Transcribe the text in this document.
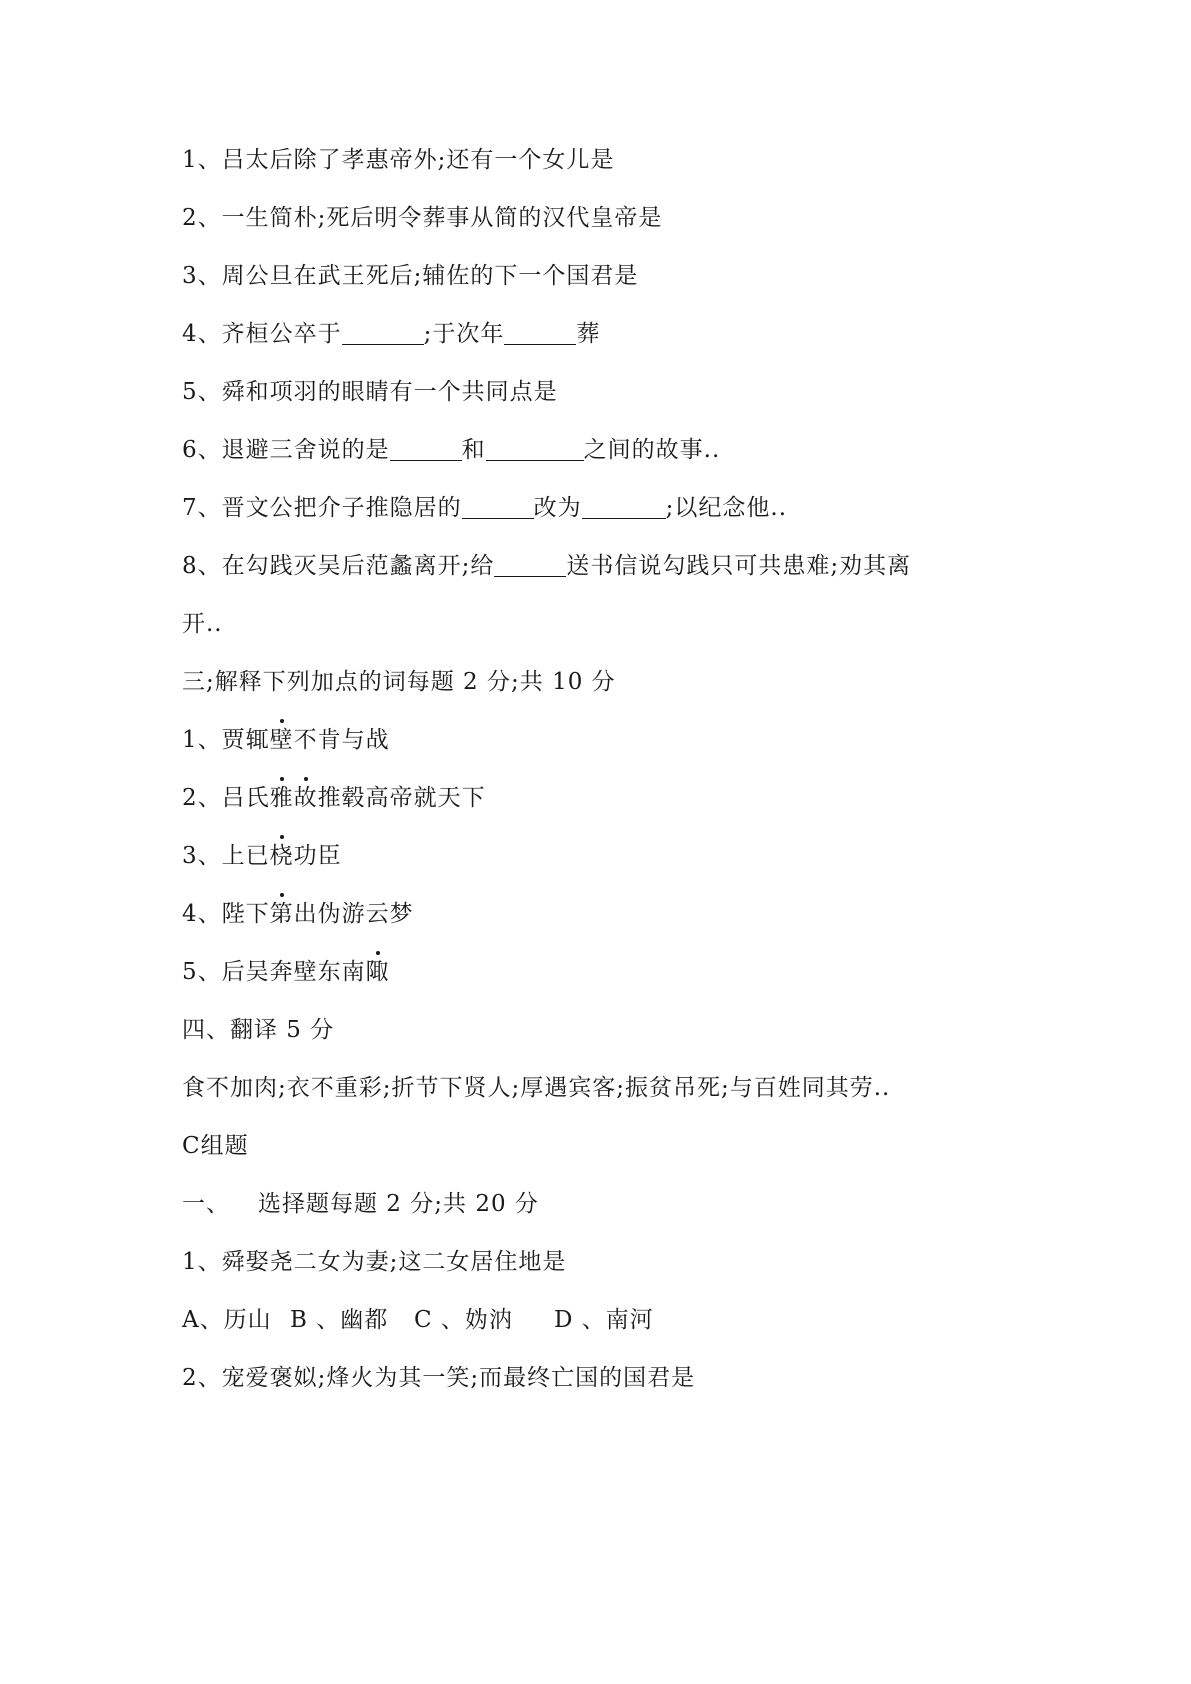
1、吕太后除了孝惠帝外;还有一个女儿是
2、一生简朴;死后明令葬事从简的汉代皇帝是
3、周公旦在武王死后;辅佐的下一个国君是
4、齐桓公卒于	;于次年	葬
5、舜和项羽的眼睛有一个共同点是
6、退避三舍说的是	和	之间的故事..
7、晋文公把介子推隐居的	改为	;以纪念他..
8、在勾践灭吴后范蠡离开;给	送书信说勾践只可共患难;劝其离
开..
三;解释下列加点的词每题 2 分;共 10 分
1、贾辄壁不肯与战
2、吕氏雅故推毂高帝就天下
3、上已桡功臣
4、陛下第出伪游云梦
5、后吴奔壁东南陬
四、翻译 5 分
食不加肉;衣不重彩;折节下贤人;厚遇宾客;振贫吊死;与百姓同其劳..
C组题
一、 选择题每题 2 分;共 20 分
1、舜娶尧二女为妻;这二女居住地是
A、历山 B 、幽都 C 、妫汭 D 、南河
2、宠爱褒姒;烽火为其一笑;而最终亡国的国君是
